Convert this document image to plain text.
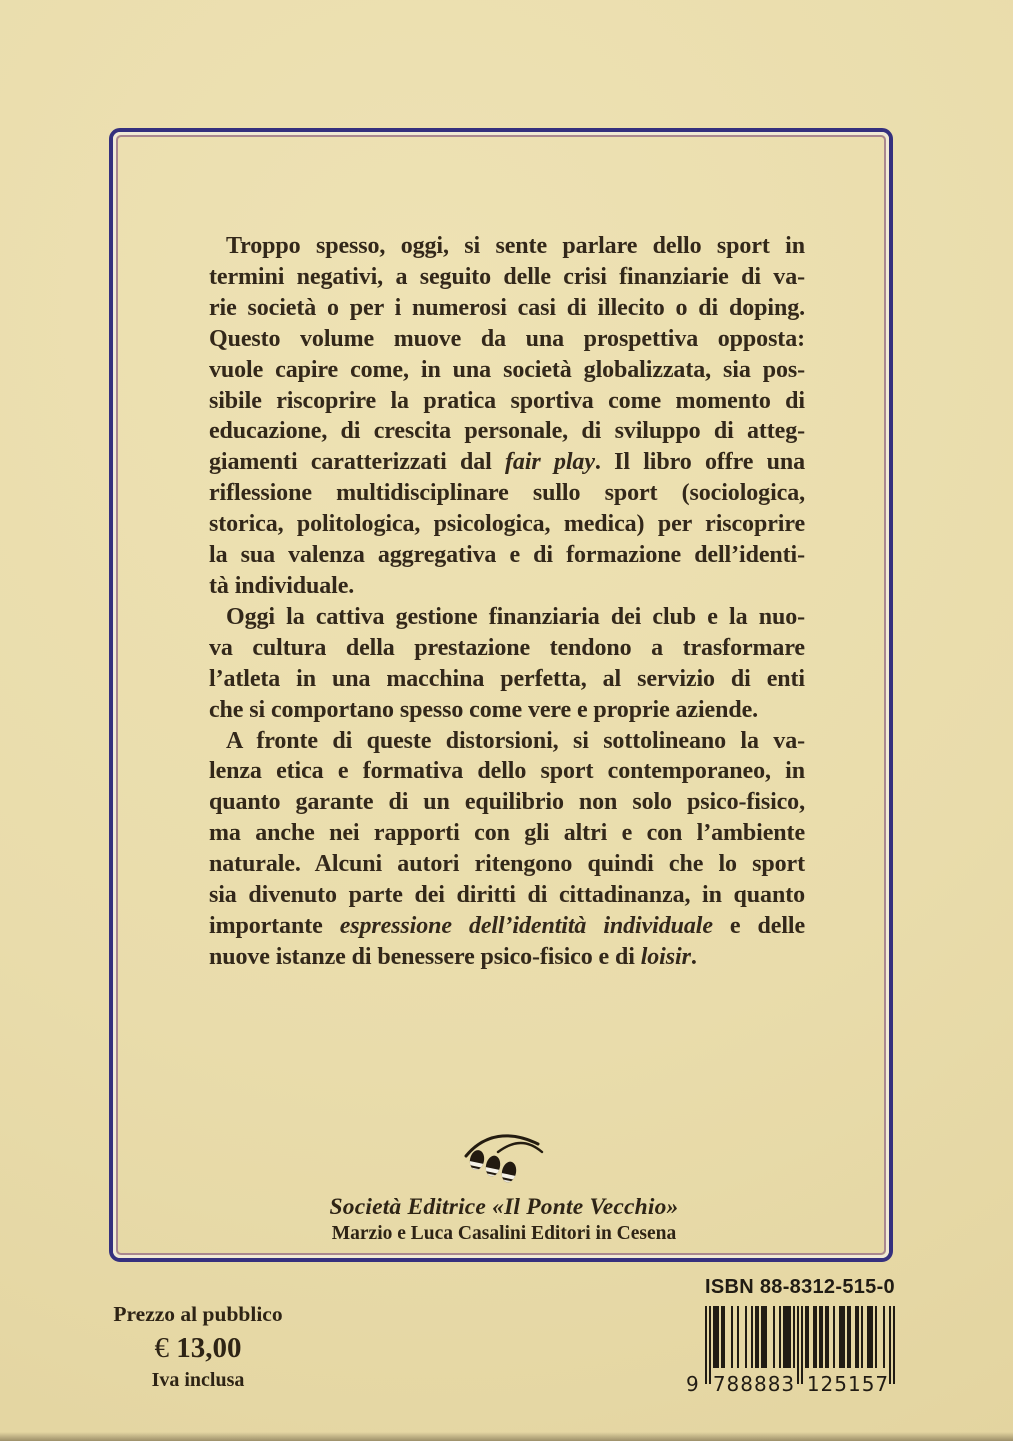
Troppo spesso, oggi, si sente parlare dello sport in
termini negativi, a seguito delle crisi finanziarie di va-
rie società o per i numerosi casi di illecito o di doping.
Questo volume muove da una prospettiva opposta:
vuole capire come, in una società globalizzata, sia pos-
sibile riscoprire la pratica sportiva come momento di
educazione, di crescita personale, di sviluppo di atteg-
giamenti caratterizzati dal fair play. Il libro offre una
riflessione multidisciplinare sullo sport (sociologica,
storica, politologica, psicologica, medica) per riscoprire
la sua valenza aggregativa e di formazione dell’identi-
tà individuale.
Oggi la cattiva gestione finanziaria dei club e la nuo-
va cultura della prestazione tendono a trasformare
l’atleta in una macchina perfetta, al servizio di enti
che si comportano spesso come vere e proprie aziende.
A fronte di queste distorsioni, si sottolineano la va-
lenza etica e formativa dello sport contemporaneo, in
quanto garante di un equilibrio non solo psico-fisico,
ma anche nei rapporti con gli altri e con l’ambiente
naturale. Alcuni autori ritengono quindi che lo sport
sia divenuto parte dei diritti di cittadinanza, in quanto
importante espressione dell’identità individuale e delle
nuove istanze di benessere psico-fisico e di loisir.
Società Editrice «Il Ponte Vecchio»
Marzio e Luca Casalini Editori in Cesena
Prezzo al pubblico
€ 13,00
Iva inclusa
ISBN 88-8312-515-0
9 788883 125157
